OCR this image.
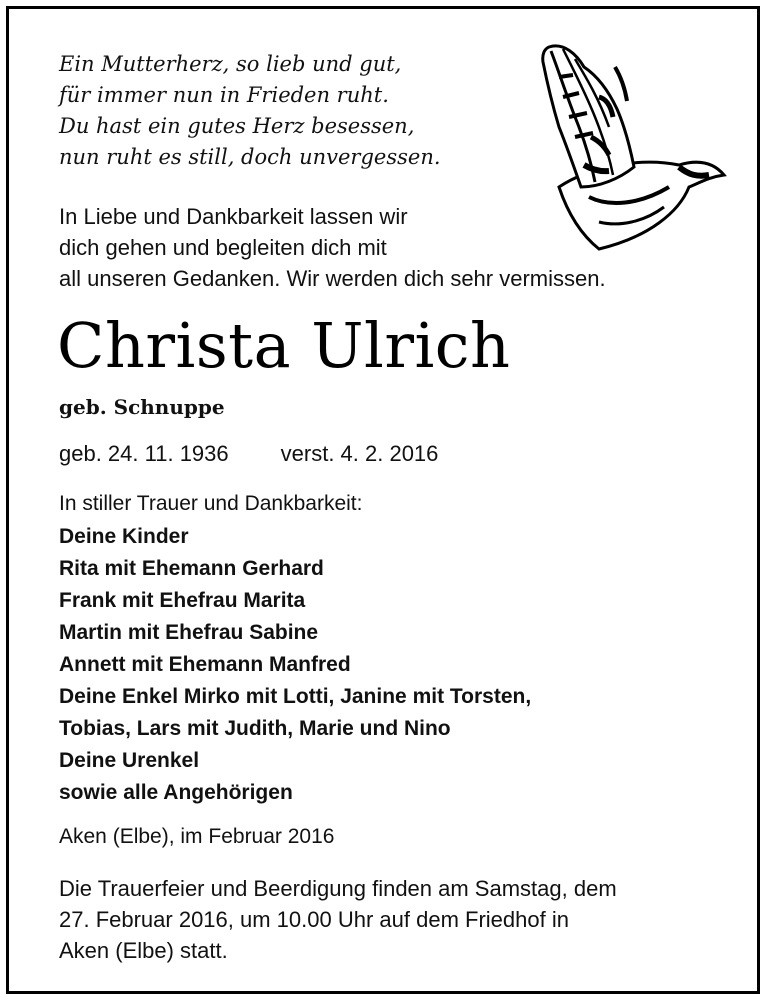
Ein Mutterherz, so lieb und gut,
für immer nun in Frieden ruht.
Du hast ein gutes Herz besessen,
nun ruht es still, doch unvergessen.
In Liebe und Dankbarkeit lassen wir
dich gehen und begleiten dich mit
all unseren Gedanken. Wir werden dich sehr vermissen.
Christa Ulrich
geb. Schnuppe
geb. 24. 11. 1936 verst. 4. 2. 2016
In stiller Trauer und Dankbarkeit:
Deine Kinder
Rita mit Ehemann Gerhard
Frank mit Ehefrau Marita
Martin mit Ehefrau Sabine
Annett mit Ehemann Manfred
Deine Enkel Mirko mit Lotti, Janine mit Torsten,
Tobias, Lars mit Judith, Marie und Nino
Deine Urenkel
sowie alle Angehörigen
Aken (Elbe), im Februar 2016
Die Trauerfeier und Beerdigung finden am Samstag, dem
27. Februar 2016, um 10.00 Uhr auf dem Friedhof in
Aken (Elbe) statt.
